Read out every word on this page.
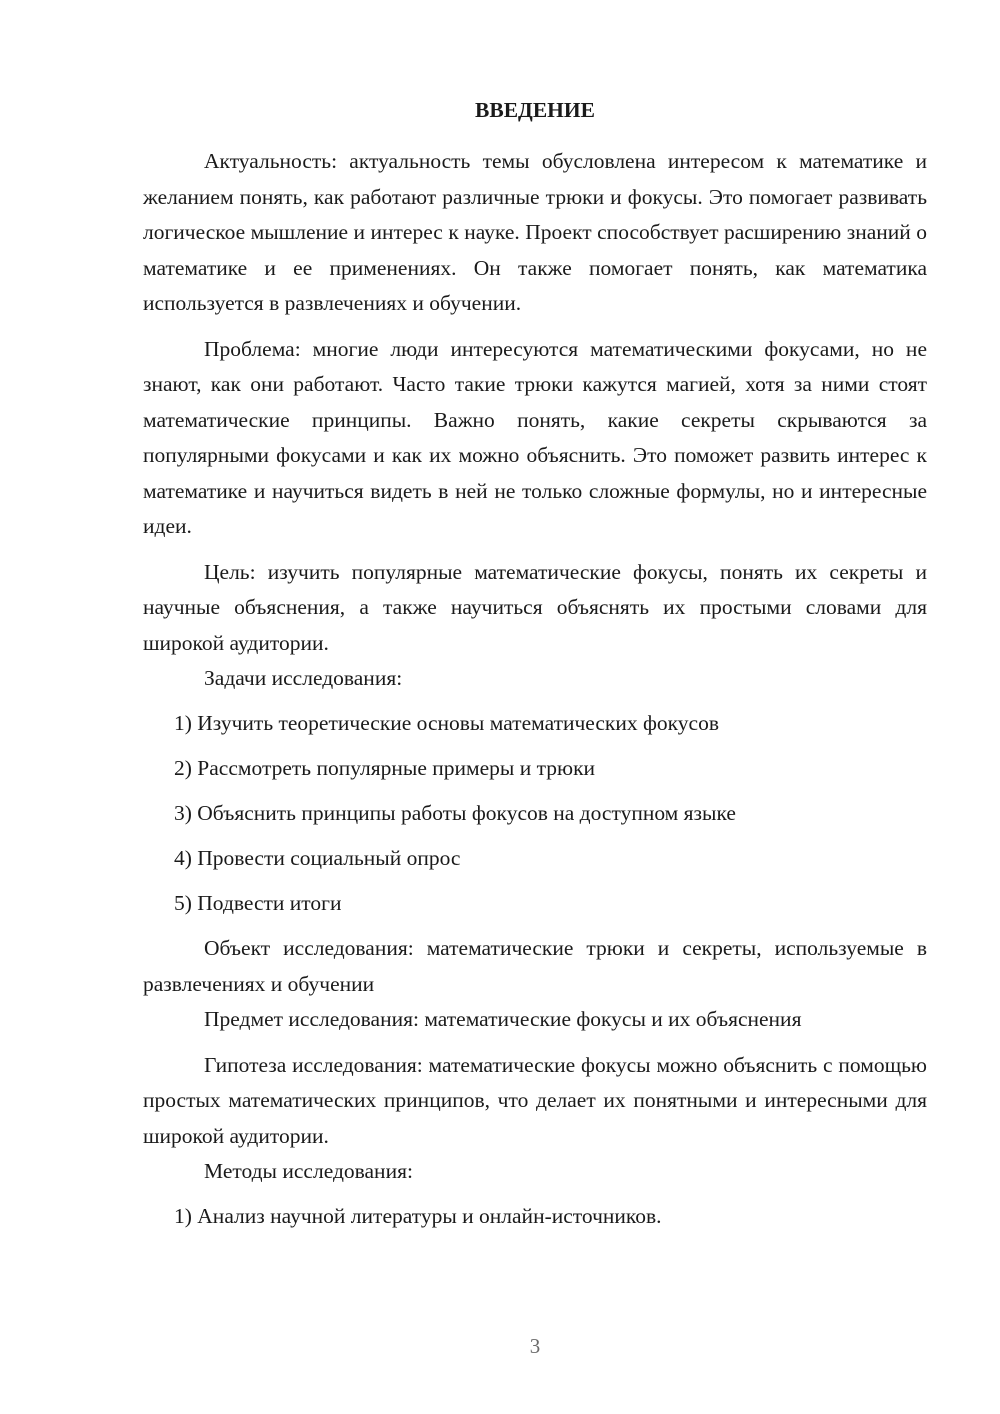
ВВЕДЕНИЕ

Актуальность: актуальность темы обусловлена интересом к математике и желанием понять, как работают различные трюки и фокусы. Это помогает развивать логическое мышление и интерес к науке. Проект способствует расширению знаний о математике и ее применениях. Он также помогает понять, как математика используется в развлечениях и обучении.

Проблема: многие люди интересуются математическими фокусами, но не знают, как они работают. Часто такие трюки кажутся магией, хотя за ними стоят математические принципы. Важно понять, какие секреты скрываются за популярными фокусами и как их можно объяснить. Это поможет развить интерес к математике и научиться видеть в ней не только сложные формулы, но и интересные идеи.

Цель: изучить популярные математические фокусы, понять их секреты и научные объяснения, а также научиться объяснять их простыми словами для широкой аудитории.

Задачи исследования:

1) Изучить теоретические основы математических фокусов

2) Рассмотреть популярные примеры и трюки

3) Объяснить принципы работы фокусов на доступном языке

4) Провести социальный опрос

5) Подвести итоги

Объект исследования: математические трюки и секреты, используемые в развлечениях и обучении

Предмет исследования: математические фокусы и их объяснения

Гипотеза исследования: математические фокусы можно объяснить с помощью простых математических принципов, что делает их понятными и интересными для широкой аудитории.

Методы исследования:

1) Анализ научной литературы и онлайн-источников.

3
